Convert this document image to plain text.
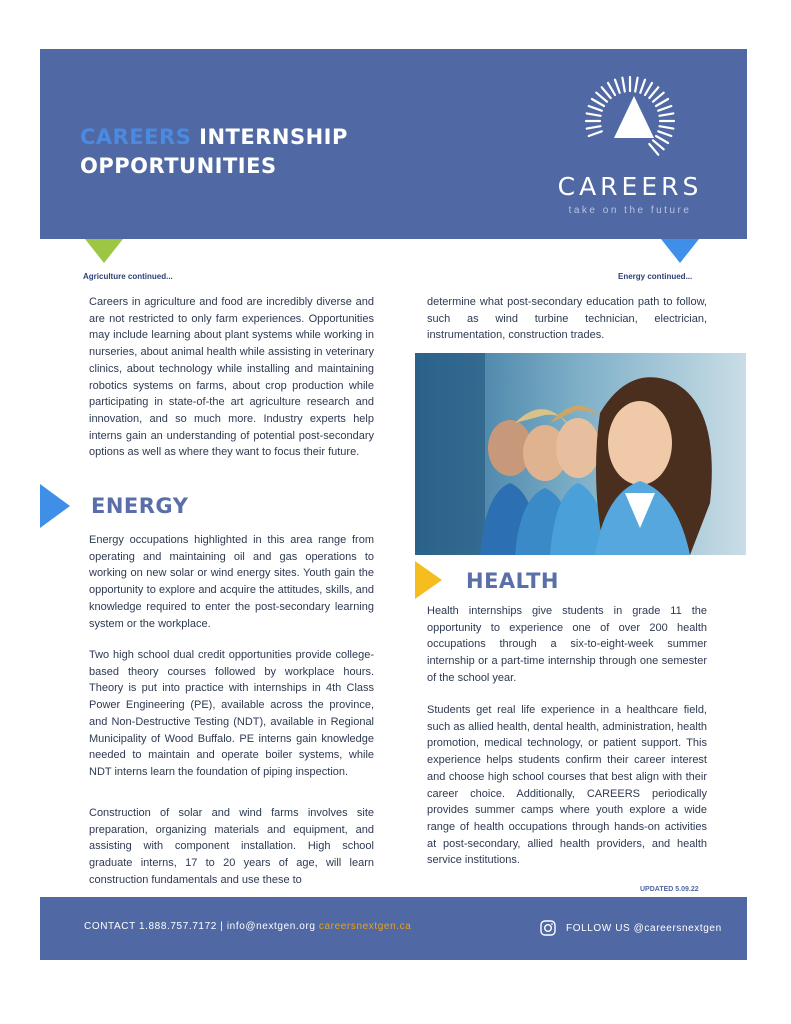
CAREERS INTERNSHIP
OPPORTUNITIES
CAREERS
take on the future
Agriculture continued...	Energy continued...
Careers in agriculture and food are incredibly diverse and are not restricted to only farm experiences. Opportunities may include learning about plant systems while working in nurseries, about animal health while assisting in veterinary clinics, about technology while installing and maintaining robotics systems on farms, about crop production while participating in state-of-the art agriculture research and innovation, and so much more. Industry experts help interns gain an understanding of potential post-secondary options as well as where they want to focus their future.
ENERGY
Energy occupations highlighted in this area range from operating and maintaining oil and gas operations to working on new solar or wind energy sites. Youth gain the opportunity to explore and acquire the attitudes, skills, and knowledge required to enter the post-secondary learning system or the workplace.
Two high school dual credit opportunities provide college-based theory courses followed by workplace hours. Theory is put into practice with internships in 4th Class Power Engineering (PE), available across the province, and Non-Destructive Testing (NDT), available in Regional Municipality of Wood Buffalo. PE interns gain knowledge needed to maintain and operate boiler systems, while NDT interns learn the foundation of piping inspection.
Construction of solar and wind farms involves site preparation, organizing materials and equipment, and assisting with component installation. High school graduate interns, 17 to 20 years of age, will learn construction fundamentals and use these to
determine what post-secondary education path to follow, such as wind turbine technician, electrician, instrumentation, construction trades.
HEALTH
Health internships give students in grade 11 the opportunity to experience one of over 200 health occupations through a six-to-eight-week summer internship or a part-time internship through one semester of the school year.
Students get real life experience in a healthcare field, such as allied health, dental health, administration, health promotion, medical technology, or patient support. This experience helps students confirm their career interest and choose high school courses that best align with their career choice. Additionally, CAREERS periodically provides summer camps where youth explore a wide range of health occupations through hands-on activities at post-secondary, allied health providers, and health service institutions.
UPDATED 5.09.22
CONTACT 1.888.757.7172 | info@nextgen.org careersnextgen.ca	FOLLOW US @careersnextgen
